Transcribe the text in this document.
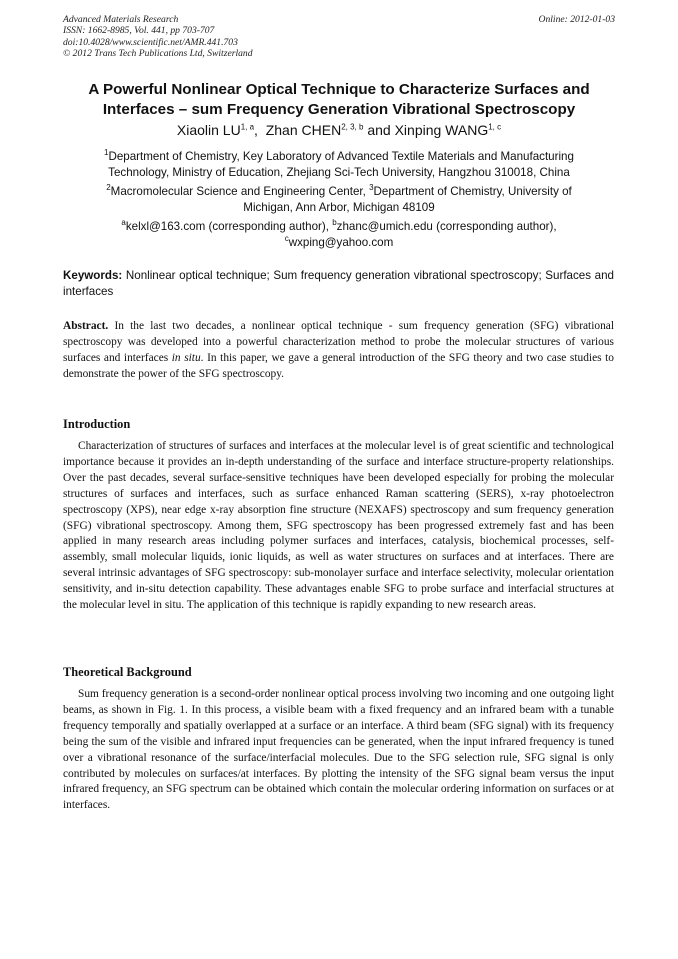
Advanced Materials Research
ISSN: 1662-8985, Vol. 441, pp 703-707
doi:10.4028/www.scientific.net/AMR.441.703
© 2012 Trans Tech Publications Ltd, Switzerland
Online: 2012-01-03
A Powerful Nonlinear Optical Technique to Characterize Surfaces and
Interfaces – sum Frequency Generation Vibrational Spectroscopy
Xiaolin LU$^{1, a}$,  Zhan CHEN$^{2, 3, b}$ and Xinping WANG$^{1, c}$
$^1$Department of Chemistry, Key Laboratory of Advanced Textile Materials and Manufacturing
Technology, Ministry of Education, Zhejiang Sci-Tech University, Hangzhou 310018, China
$^2$Macromolecular Science and Engineering Center, $^3$Department of Chemistry, University of
Michigan, Ann Arbor, Michigan 48109
$^a$kelxl@163.com (corresponding author), $^b$zhanc@umich.edu (corresponding author),
$^c$wxping@yahoo.com
Keywords: Nonlinear optical technique; Sum frequency generation vibrational spectroscopy; Surfaces and interfaces
Abstract. In the last two decades, a nonlinear optical technique - sum frequency generation (SFG) vibrational spectroscopy was developed into a powerful characterization method to probe the molecular structures of various surfaces and interfaces in situ. In this paper, we gave a general introduction of the SFG theory and two case studies to demonstrate the power of the SFG spectroscopy.
Introduction
Characterization of structures of surfaces and interfaces at the molecular level is of great scientific and technological importance because it provides an in-depth understanding of the surface and interface structure-property relationships. Over the past decades, several surface-sensitive techniques have been developed especially for probing the molecular structures of surfaces and interfaces, such as surface enhanced Raman scattering (SERS), x-ray photoelectron spectroscopy (XPS), near edge x-ray absorption fine structure (NEXAFS) spectroscopy and sum frequency generation (SFG) vibrational spectroscopy. Among them, SFG spectroscopy has been progressed extremely fast and has been applied in many research areas including polymer surfaces and interfaces, catalysis, biochemical processes, self-assembly, small molecular liquids, ionic liquids, as well as water structures on surfaces and at interfaces. There are several intrinsic advantages of SFG spectroscopy: sub-monolayer surface and interface selectivity, molecular orientation sensitivity, and in-situ detection capability. These advantages enable SFG to probe surface and interfacial structures at the molecular level in situ. The application of this technique is rapidly expanding to new research areas.
Theoretical Background
Sum frequency generation is a second-order nonlinear optical process involving two incoming and one outgoing light beams, as shown in Fig. 1. In this process, a visible beam with a fixed frequency and an infrared beam with a tunable frequency temporally and spatially overlapped at a surface or an interface. A third beam (SFG signal) with its frequency being the sum of the visible and infrared input frequencies can be generated, when the input infrared frequency is tuned over a vibrational resonance of the surface/interfacial molecules. Due to the SFG selection rule, SFG signal is only contributed by molecules on surfaces/at interfaces. By plotting the intensity of the SFG signal beam versus the input infrared frequency, an SFG spectrum can be obtained which contain the molecular ordering information on surfaces or at interfaces.
